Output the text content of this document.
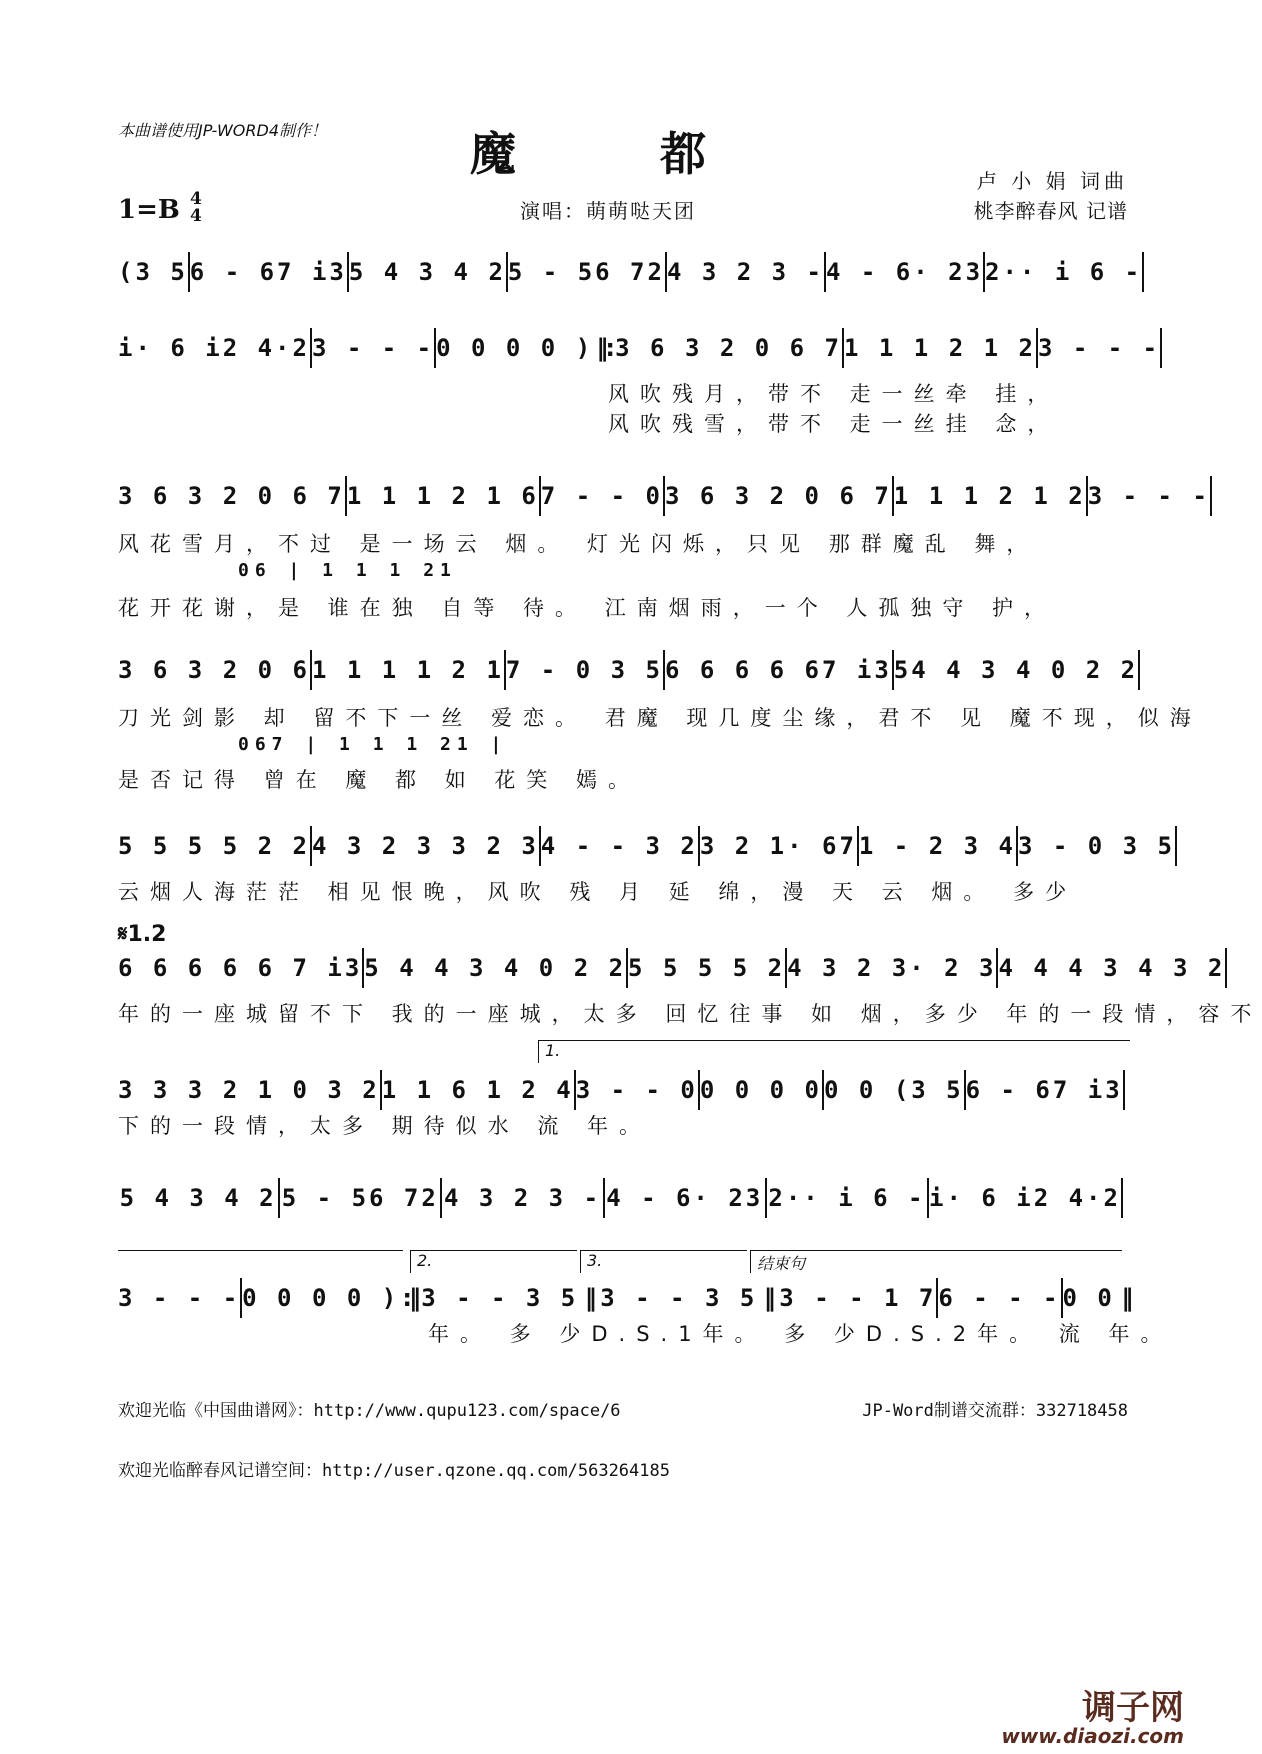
本曲谱使用JP-WORD4制作！	魔 都	卢 小 娟 词曲
桃李醉春风 记谱
1=B 4
4	演唱：萌萌哒天团
(3 5 6 - 67 i3 5 4 3 4 2 5 - 56 72 4 3 2 3 - 4 - 6· 23 2·· i 6 -
i· 6 i2 4·2 3 - - - 0 0 0 0 ) ‖: 3 6 3 2 0 6 7 1 1 1 2 1 2 3 - - -
风吹残月，带不 走一丝牵 挂，
风吹残雪，带不 走一丝挂 念，
3 6 3 2 0 6 7 1 1 1 2 1 6 7 - - 0 3 6 3 2 0 6 7 1 1 1 2 1 2 3 - - -
风花雪月，不过 是一场云 烟。 灯光闪烁，只见 那群魔乱 舞，
06 | 1 1 1 21
花开花谢，是 谁在独 自等 待。 江南烟雨，一个 人孤独守 护，
3 6 3 2 0 6 1 1 1 1 2 1 7 - 0 3 5 6 6 6 6 67 i3 54 4 3 4 0 2 2
刀光剑影 却 留不下一丝 爱恋。 君魔 现几度尘缘，君不 见 魔不现，似海
067 | 1 1 1 21 |
是否记得 曾在 魔 都 如 花笑 嫣。
5 5 5 5 2 2 4 3 2 3 3 2 3 4 - - 3 2 3 2 1· 67 1 - 2 3 4 3 - 0 3 5
云烟人海茫茫 相见恨晚，风吹 残 月 延 绵，漫 天 云 烟。 多少
𝄋1.2
6 6 6 6 6 7 i3 5 4 4 3 4 0 2 2 5 5 5 5 2 4 3 2 3· 2 3 4 4 4 3 4 3 2
年的一座城留不下 我的一座城，太多 回忆往事 如 烟，多少 年的一段情，容不
1.
3 3 3 2 1 0 3 2 1 1 6 1 2 4 3 - - 0 0 0 0 0 0 0 (3 5 6 - 67 i3
下的一段情，太多 期待似水 流 年。
5 4 3 4 2 5 - 56 72 4 3 2 3 - 4 - 6· 23 2·· i 6 - i· 6 i2 4·2
2.	3.	结束句
3 - - - 0 0 0 0 ) :‖ 3 - - 3 5 ‖ 3 - - 3 5 ‖ 3 - - 1 7 6 - - - 0 0 ‖
年。 多 少D.S.1年。 多 少D.S.2年。 流 年。
欢迎光临《中国曲谱网》：http://www.qupu123.com/space/6	JP-Word制谱交流群：332718458
欢迎光临醉春风记谱空间：http://user.qzone.qq.com/563264185
调子网
www.diaozi.com
